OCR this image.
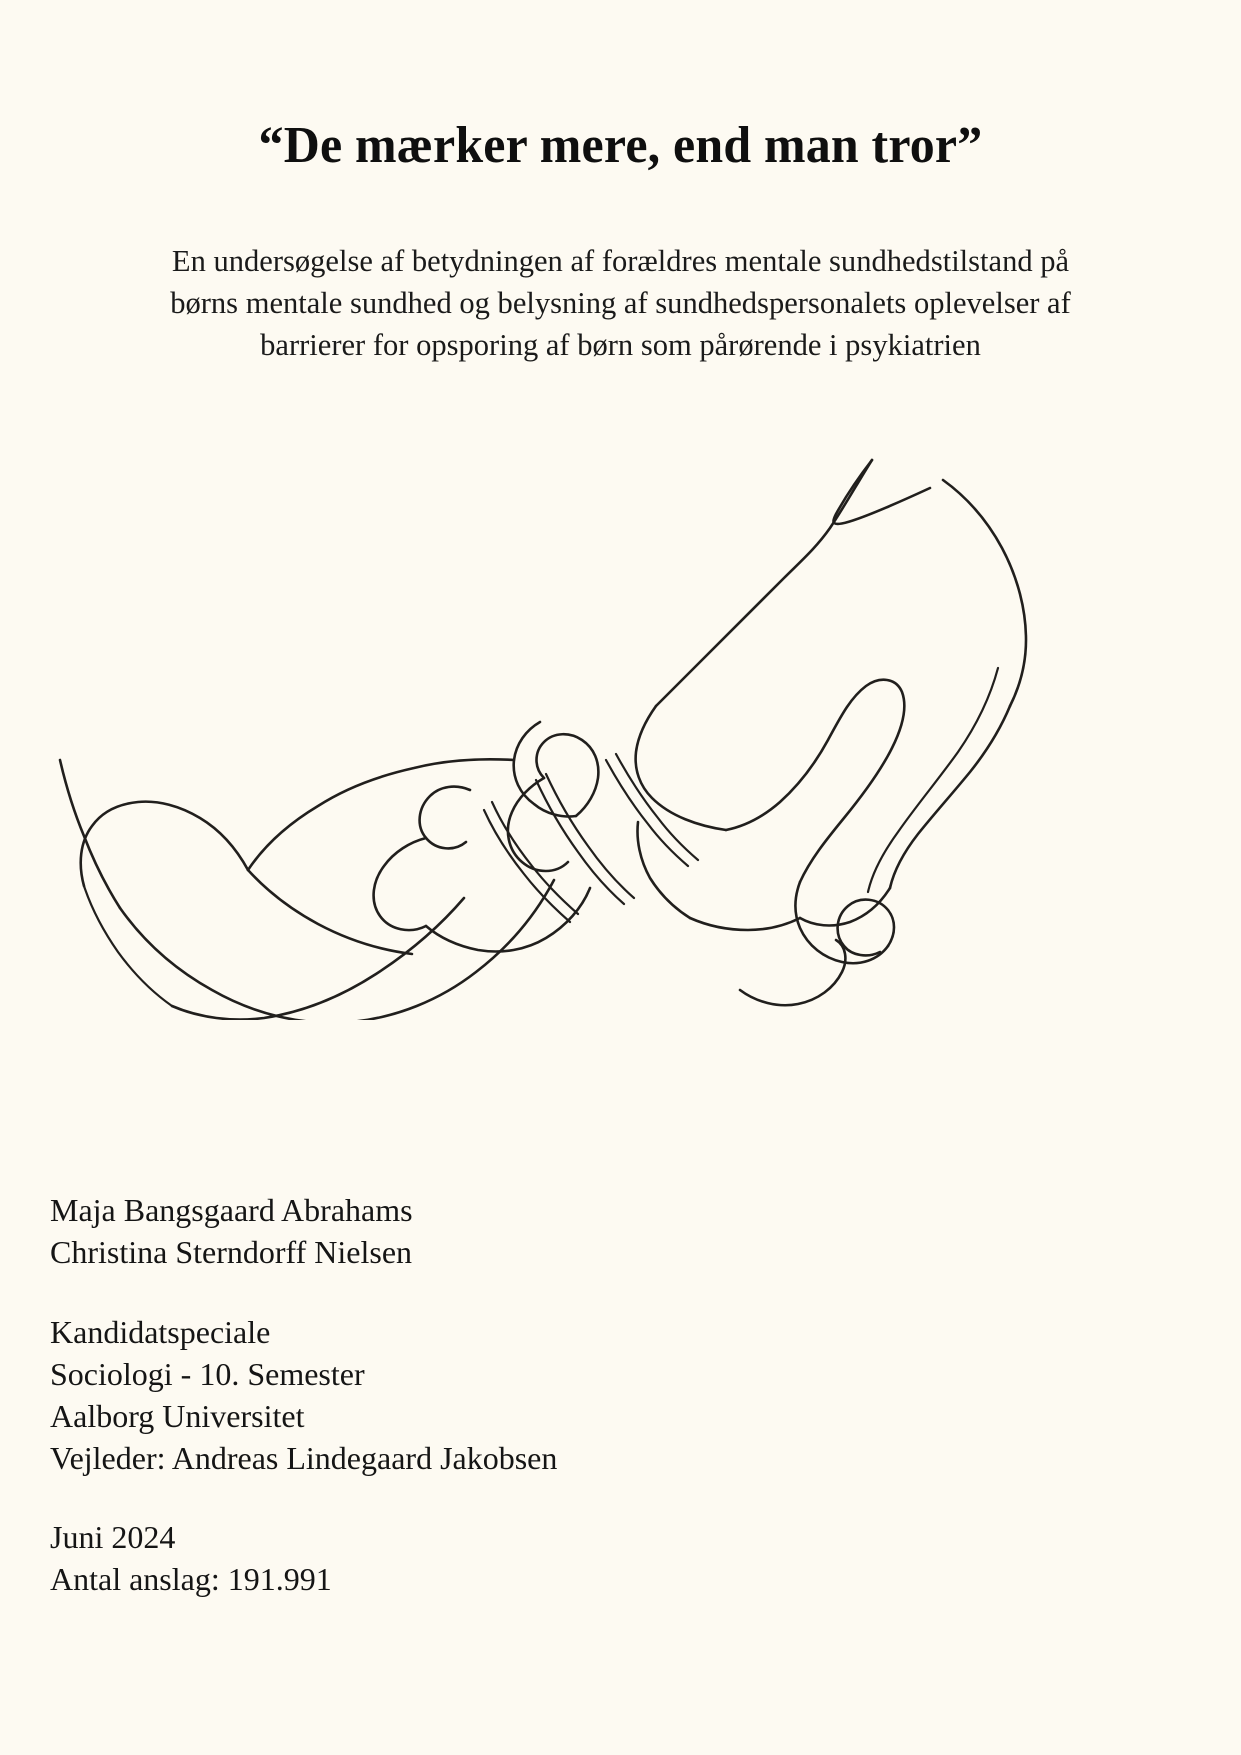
“De mærker mere, end man tror”
En undersøgelse af betydningen af forældres mentale sundhedstilstand på
børns mentale sundhed og belysning af sundhedspersonalets oplevelser af
barrierer for opsporing af børn som pårørende i psykiatrien
Maja Bangsgaard Abrahams
Christina Sterndorff Nielsen
Kandidatspeciale
Sociologi - 10. Semester
Aalborg Universitet
Vejleder: Andreas Lindegaard Jakobsen
Juni 2024
Antal anslag: 191.991
